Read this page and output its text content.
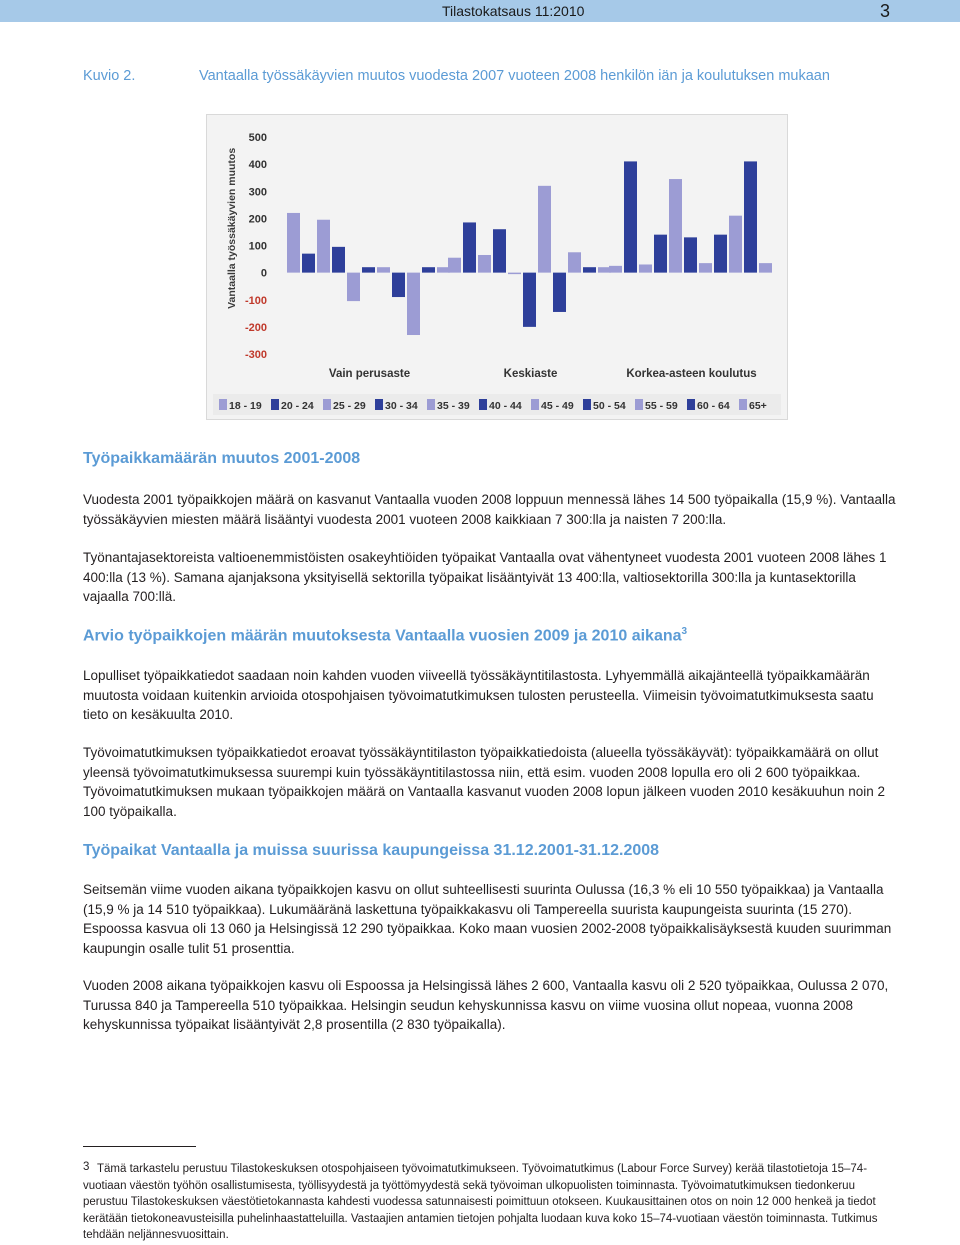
Tilastokatsaus 11:2010	3
Kuvio 2.	Vantaalla työssäkäyvien muutos vuodesta 2007 vuoteen 2008 henkilön iän ja koulutuksen mukaan
Vantaalla työssäkäyvien muutos
500
400
300
200
100
0
-100
-200
-300
Vain perusaste	Keskiaste	Korkea-asteen koulutus
18 - 19 20 - 24 25 - 29 30 - 34 35 - 39 40 - 44 45 - 49 50 - 54 55 - 59 60 - 64 65+
Työpaikkamäärän muutos 2001-2008

Vuodesta 2001 työpaikkojen määrä on kasvanut Vantaalla vuoden 2008 loppuun mennessä lähes 14 500 työpaikalla (15,9 %). Vantaalla työssäkäyvien miesten määrä lisääntyi vuodesta 2001 vuoteen 2008 kaikkiaan 7 300:lla ja naisten 7 200:lla.

Työnantajasektoreista valtioenemmistöisten osakeyhtiöiden työpaikat Vantaalla ovat vähentyneet vuodesta 2001 vuoteen 2008 lähes 1 400:lla (13 %). Samana ajanjaksona yksityisellä sektorilla työpaikat lisääntyivät 13 400:lla, valtiosektorilla 300:lla ja kuntasektorilla vajaalla 700:llä.

Arvio työpaikkojen määrän muutoksesta Vantaalla vuosien 2009 ja 2010 aikana$^3$

Lopulliset työpaikkatiedot saadaan noin kahden vuoden viiveellä työssäkäyntitilastosta. Lyhyemmällä aikajänteellä työpaikkamäärän muutosta voidaan kuitenkin arvioida otospohjaisen työvoimatutkimuksen tulosten perusteella. Viimeisin työvoimatutkimuksesta saatu tieto on kesäkuulta 2010.

Työvoimatutkimuksen työpaikkatiedot eroavat työssäkäyntitilaston työpaikkatiedoista (alueella työssäkäyvät): työpaikkamäärä on ollut yleensä työvoimatutkimuksessa suurempi kuin työssäkäyntitilastossa niin, että esim. vuoden 2008 lopulla ero oli 2 600 työpaikkaa. Työvoimatutkimuksen mukaan työpaikkojen määrä on Vantaalla kasvanut vuoden 2008 lopun jälkeen vuoden 2010 kesäkuuhun noin 2 100 työpaikalla.

Työpaikat Vantaalla ja muissa suurissa kaupungeissa 31.12.2001-31.12.2008

Seitsemän viime vuoden aikana työpaikkojen kasvu on ollut suhteellisesti suurinta Oulussa (16,3 % eli 10 550 työpaikkaa) ja Vantaalla (15,9 % ja 14 510 työpaikkaa). Lukumääränä laskettuna työpaikkakasvu oli Tampereella suurista kaupungeista suurinta (15 270). Espoossa kasvua oli 13 060 ja Helsingissä 12 290 työpaikkaa. Koko maan vuosien 2002-2008 työpaikkalisäyksestä kuuden suurimman kaupungin osalle tulit 51 prosenttia.

Vuoden 2008 aikana työpaikkojen kasvu oli Espoossa ja Helsingissä lähes 2 600, Vantaalla kasvu oli 2 520 työpaikkaa, Oulussa 2 070, Turussa 840 ja Tampereella 510 työpaikkaa. Helsingin seudun kehyskunnissa kasvu on viime vuosina ollut nopeaa, vuonna 2008 kehyskunnissa työpaikat lisääntyivät 2,8 prosentilla (2 830 työpaikalla).

3 Tämä tarkastelu perustuu Tilastokeskuksen otospohjaiseen työvoimatutkimukseen. Työvoimatutkimus (Labour Force Survey) kerää tilastotietoja 15–74-vuotiaan väestön työhön osallistumisesta, työllisyydestä ja työttömyydestä sekä työvoiman ulkopuolisten toiminnasta. Työvoimatutkimuksen tiedonkeruu perustuu Tilastokeskuksen väestötietokannasta kahdesti vuodessa satunnaisesti poimittuun otokseen. Kuukausittainen otos on noin 12 000 henkeä ja tiedot kerätään tietokoneavusteisilla puhelinhaastatteluilla. Vastaajien antamien tietojen pohjalta luodaan kuva koko 15–74-vuotiaan väestön toiminnasta. Tutkimus tehdään neljännesvuosittain.
